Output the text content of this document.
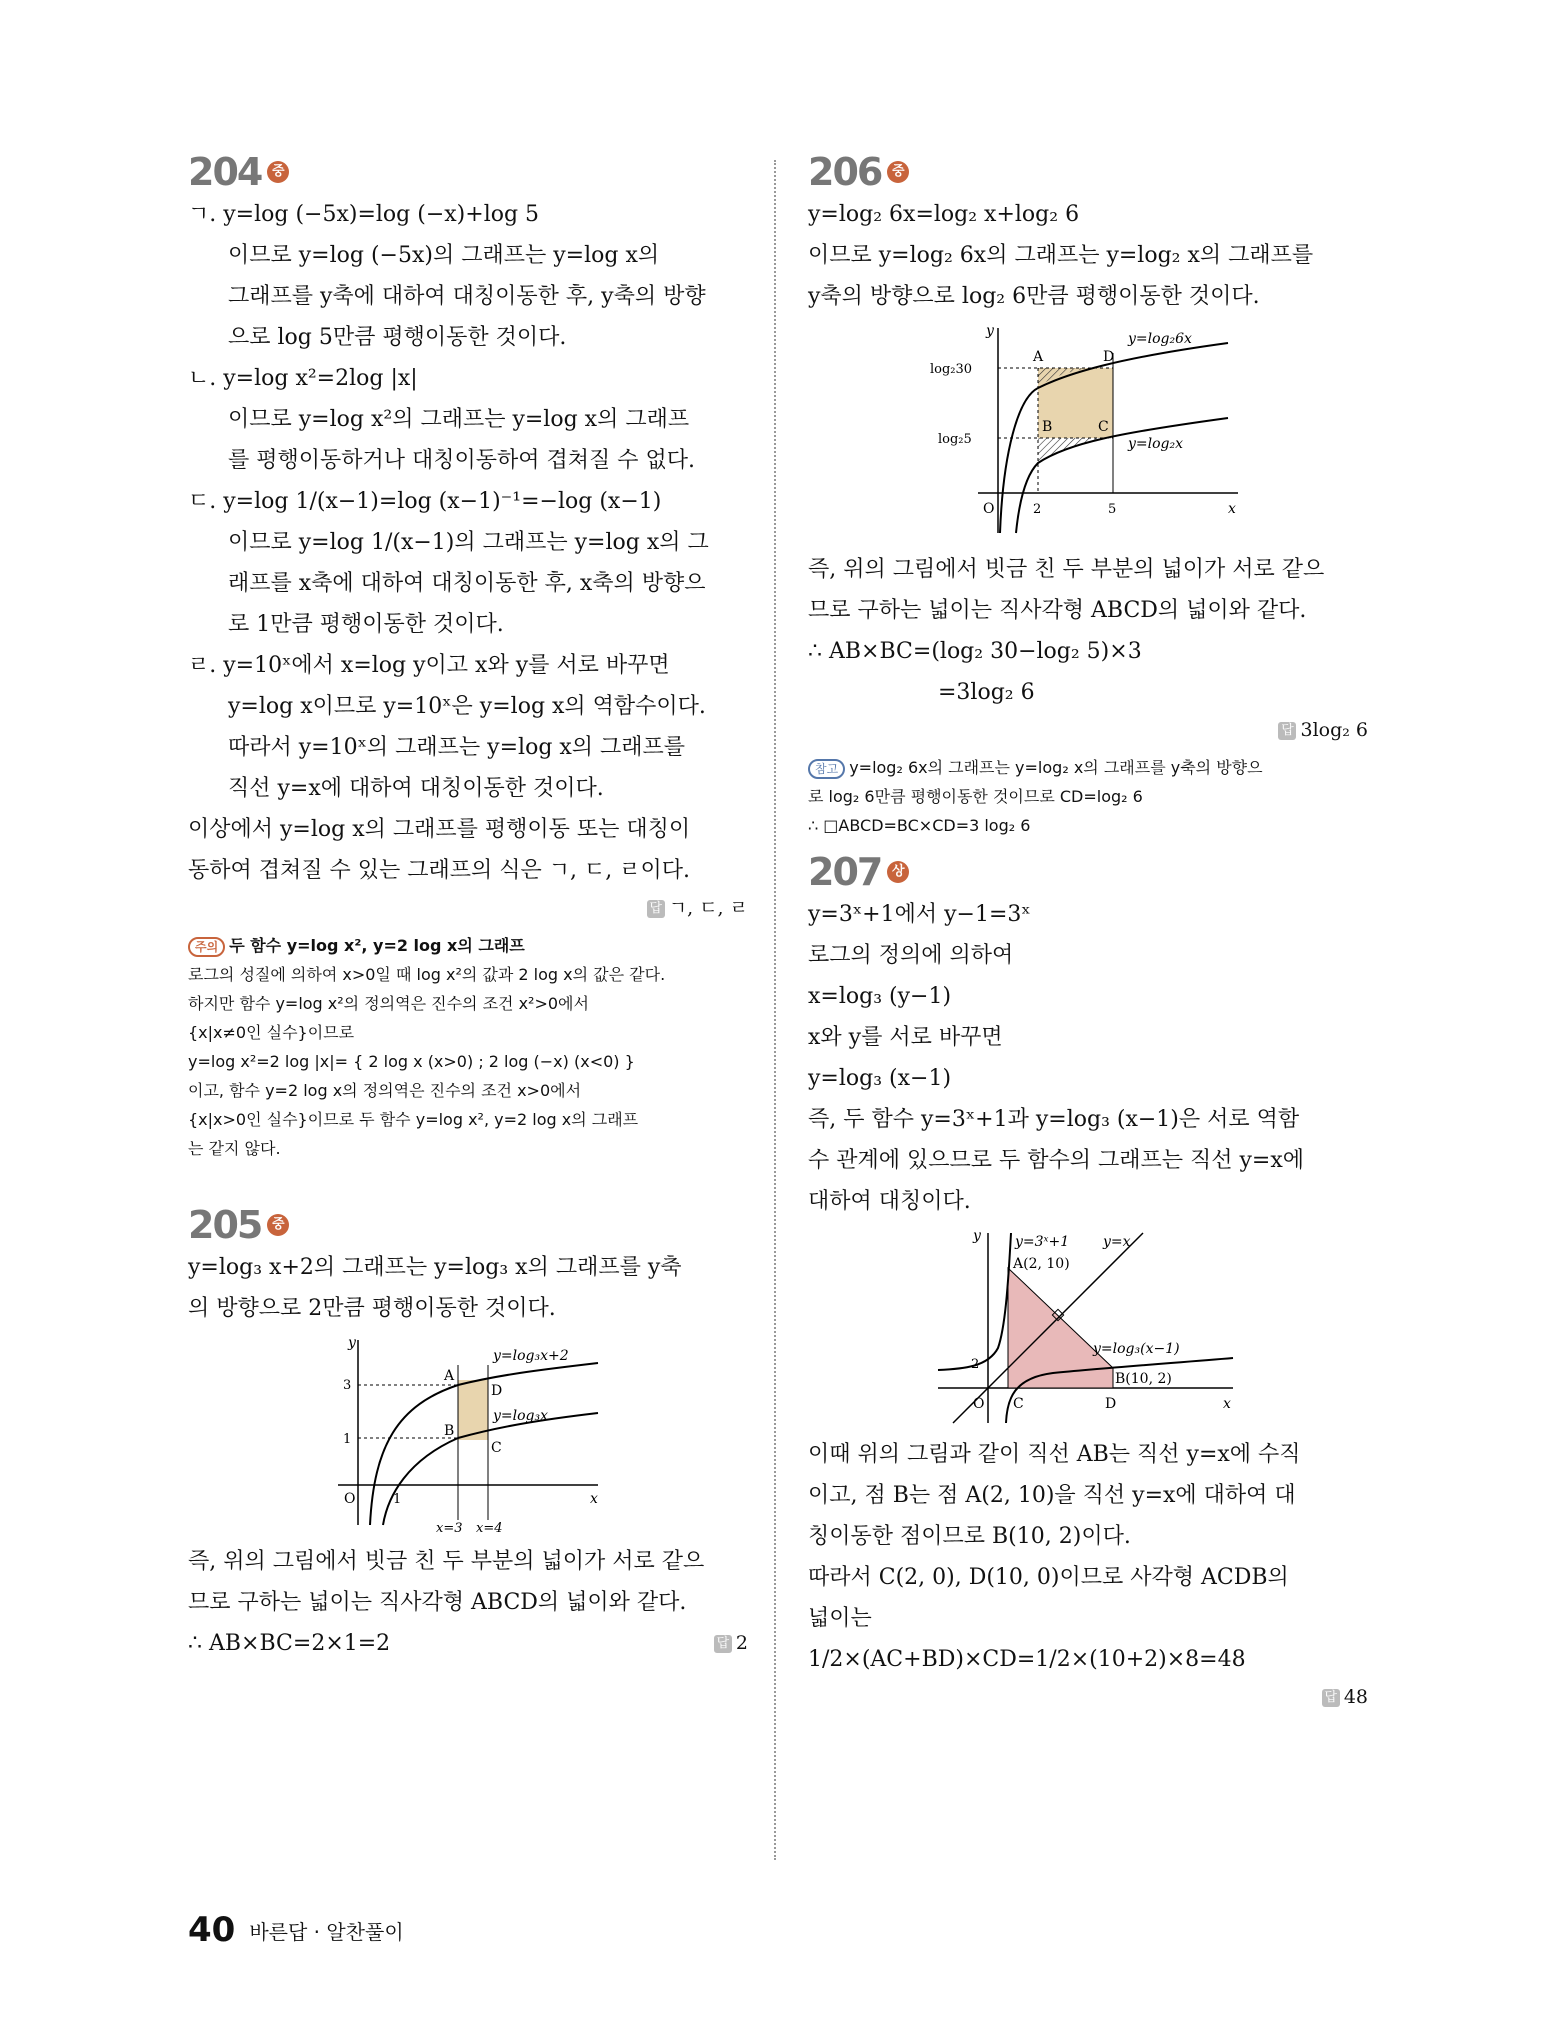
204 중
ㄱ. y=log (−5x)=log (−x)+log 5
이므로 y=log (−5x)의 그래프는 y=log x의
그래프를 y축에 대하여 대칭이동한 후, y축의 방향
으로 log 5만큼 평행이동한 것이다.
ㄴ. y=log x²=2log |x|
이므로 y=log x²의 그래프는 y=log x의 그래프
를 평행이동하거나 대칭이동하여 겹쳐질 수 없다.
ㄷ. y=log 1/(x−1)=log (x−1)⁻¹=−log (x−1)
이므로 y=log 1/(x−1)의 그래프는 y=log x의 그
래프를 x축에 대하여 대칭이동한 후, x축의 방향으
로 1만큼 평행이동한 것이다.
ㄹ. y=10ˣ에서 x=log y이고 x와 y를 서로 바꾸면
y=log x이므로 y=10ˣ은 y=log x의 역함수이다.
따라서 y=10ˣ의 그래프는 y=log x의 그래프를
직선 y=x에 대하여 대칭이동한 것이다.
이상에서 y=log x의 그래프를 평행이동 또는 대칭이
동하여 겹쳐질 수 있는 그래프의 식은 ㄱ, ㄷ, ㄹ이다.
답 ㄱ, ㄷ, ㄹ
주의 두 함수 y=log x², y=2 log x의 그래프
로그의 성질에 의하여 x>0일 때 log x²의 값과 2 log x의 값은 같다.
하지만 함수 y=log x²의 정의역은 진수의 조건 x²>0에서
{x|x≠0인 실수}이므로
y=log x²=2 log |x|= { 2 log x (x>0) ; 2 log (−x) (x<0) }
이고, 함수 y=2 log x의 정의역은 진수의 조건 x>0에서
{x|x>0인 실수}이므로 두 함수 y=log x², y=2 log x의 그래프
는 같지 않다.
205 중
y=log₃ x+2의 그래프는 y=log₃ x의 그래프를 y축
의 방향으로 2만큼 평행이동한 것이다.
y
x
O
3
1
1
A
B
C
D
y=log₃x+2
y=log₃x
x=3 x=4
즉, 위의 그림에서 빗금 친 두 부분의 넓이가 서로 같으
므로 구하는 넓이는 직사각형 ABCD의 넓이와 같다.
∴ AB×BC=2×1=2	답 2
206 중
y=log₂ 6x=log₂ x+log₂ 6
이므로 y=log₂ 6x의 그래프는 y=log₂ x의 그래프를
y축의 방향으로 log₂ 6만큼 평행이동한 것이다.
y
x
O
log₂30
log₂5
2	5
A
B	C
D
y=log₂6x
y=log₂x
즉, 위의 그림에서 빗금 친 두 부분의 넓이가 서로 같으
므로 구하는 넓이는 직사각형 ABCD의 넓이와 같다.
∴ AB×BC=(log₂ 30−log₂ 5)×3
=3log₂ 6
답 3log₂ 6
참고 y=log₂ 6x의 그래프는 y=log₂ x의 그래프를 y축의 방향으
로 log₂ 6만큼 평행이동한 것이므로 CD=log₂ 6
∴ □ABCD=BC×CD=3 log₂ 6
207 상
y=3ˣ+1에서 y−1=3ˣ
로그의 정의에 의하여
x=log₃ (y−1)
x와 y를 서로 바꾸면
y=log₃ (x−1)
즉, 두 함수 y=3ˣ+1과 y=log₃ (x−1)은 서로 역함
수 관계에 있으므로 두 함수의 그래프는 직선 y=x에
대하여 대칭이다.
y
x
O
2
C	D
A(2, 10)
B(10, 2)
y=3ˣ+1 y=x
y=log₃(x−1)
이때 위의 그림과 같이 직선 AB는 직선 y=x에 수직
이고, 점 B는 점 A(2, 10)을 직선 y=x에 대하여 대
칭이동한 점이므로 B(10, 2)이다.
따라서 C(2, 0), D(10, 0)이므로 사각형 ACDB의
넓이는
1/2×(AC+BD)×CD=1/2×(10+2)×8=48
답 48
40 바른답 · 알찬풀이
